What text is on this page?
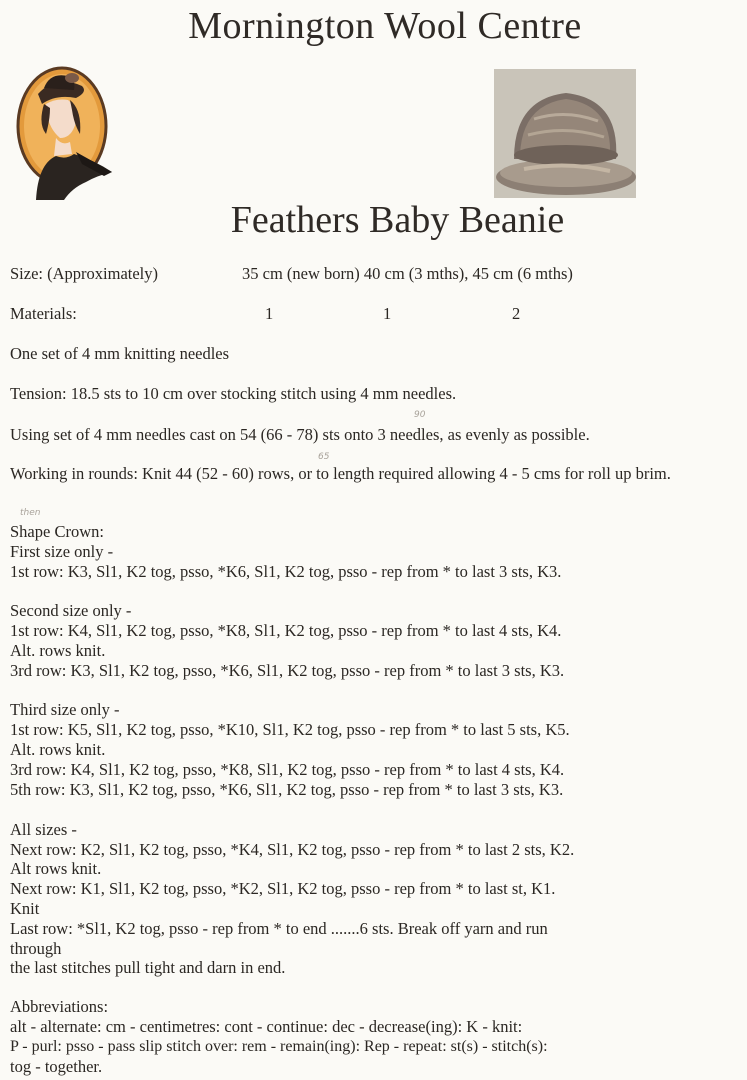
Mornington Wool Centre
Feathers Baby Beanie
Size: (Approximately)	35 cm (new born) 40 cm (3 mths), 45 cm (6 mths)
Materials:	1	1	2
One set of 4 mm knitting needles
Tension: 18.5 sts to 10 cm over stocking stitch using 4 mm needles.
Using set of 4 mm needles cast on 54 (66 - 78) sts onto 3 needles, as evenly as possible.
Working in rounds: Knit 44 (52 - 60) rows, or to length required allowing 4 - 5 cms for roll up brim.
90
65
then
Shape Crown:
First size only -
1st row: K3, Sl1, K2 tog, psso, *K6, Sl1, K2 tog, psso - rep from * to last 3 sts, K3.
Second size only -
1st row: K4, Sl1, K2 tog, psso, *K8, Sl1, K2 tog, psso - rep from * to last 4 sts, K4.
Alt. rows knit.
3rd row: K3, Sl1, K2 tog, psso, *K6, Sl1, K2 tog, psso - rep from * to last 3 sts, K3.
Third size only -
1st row: K5, Sl1, K2 tog, psso, *K10, Sl1, K2 tog, psso - rep from * to last 5 sts, K5.
Alt. rows knit.
3rd row: K4, Sl1, K2 tog, psso, *K8, Sl1, K2 tog, psso - rep from * to last 4 sts, K4.
5th row: K3, Sl1, K2 tog, psso, *K6, Sl1, K2 tog, psso - rep from * to last 3 sts, K3.
All sizes -
Next row: K2, Sl1, K2 tog, psso, *K4, Sl1, K2 tog, psso - rep from * to last 2 sts, K2.
Alt rows knit.
Next row: K1, Sl1, K2 tog, psso, *K2, Sl1, K2 tog, psso - rep from * to last st, K1.
Knit
Last row: *Sl1, K2 tog, psso - rep from * to end .......6 sts. Break off yarn and run
through
the last stitches pull tight and darn in end.
Abbreviations:
alt - alternate: cm - centimetres: cont - continue: dec - decrease(ing): K - knit:
P - purl: psso - pass slip stitch over: rem - remain(ing): Rep - repeat: st(s) - stitch(s):
tog - together.
